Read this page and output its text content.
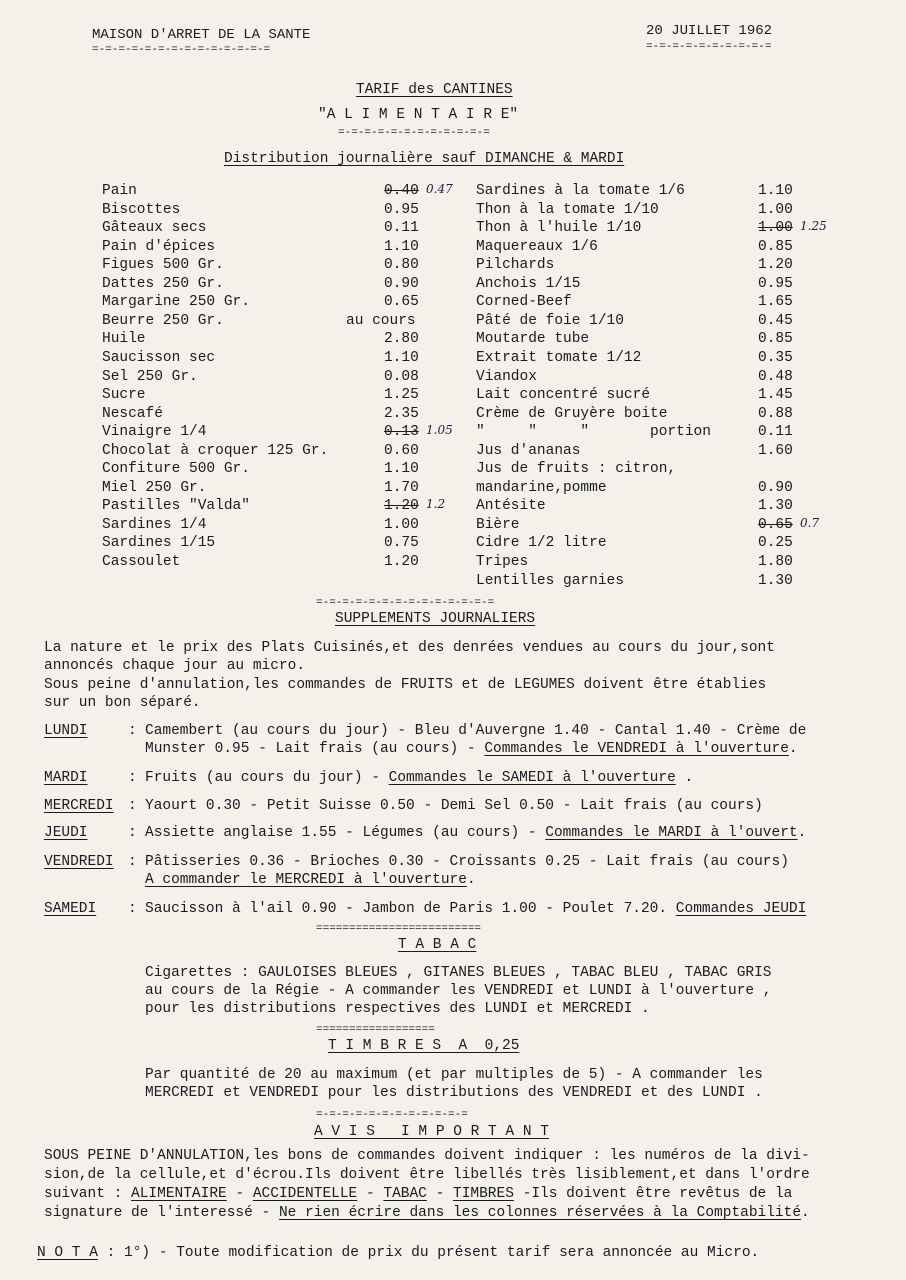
MAISON D'ARRET DE LA SANTE
=-=-=-=-=-=-=-=-=-=-=-=-=-=
20 JUILLET 1962
=-=-=-=-=-=-=-=-=-=
TARIF des CANTINES
"A L I M E N T A I R E"
=-=-=-=-=-=-=-=-=-=-=-=
Distribution journalière sauf DIMANCHE & MARDI
Pain	0.40 0.47
Biscottes	0.95
Gâteaux secs	0.11
Pain d'épices	1.10
Figues 500 Gr.	0.80
Dattes 250 Gr.	0.90
Margarine 250 Gr.	0.65
Beurre 250 Gr.	au cours
Huile	2.80
Saucisson sec	1.10
Sel 250 Gr.	0.08
Sucre	1.25
Nescafé	2.35
Vinaigre 1/4	0.13 1.05
Chocolat à croquer 125 Gr.	0.60
Confiture 500 Gr.	1.10
Miel 250 Gr.	1.70
Pastilles "Valda"	1.20 1.2
Sardines 1/4	1.00
Sardines 1/15	0.75
Cassoulet	1.20
Sardines à la tomate 1/6	1.10
Thon à la tomate 1/10	1.00
Thon à l'huile 1/10	1.00 1.25
Maquereaux 1/6	0.85
Pilchards	1.20
Anchois 1/15	0.95
Corned-Beef	1.65
Pâté de foie 1/10	0.45
Moutarde tube	0.85
Extrait tomate 1/12	0.35
Viandox	0.48
Lait concentré sucré	1.45
Crème de Gruyère boite	0.88
"     "     "       portion	0.11
Jus d'ananas	1.60
Jus de fruits : citron,
mandarine,pomme	0.90
Antésite	1.30
Bière	0.65 0.7
Cidre 1/2 litre	0.25
Tripes	1.80
Lentilles garnies	1.30
=-=-=-=-=-=-=-=-=-=-=-=-=-=
SUPPLEMENTS JOURNALIERS
La nature et le prix des Plats Cuisinés,et des denrées vendues au cours du jour,sont
annoncés chaque jour au micro.
Sous peine d'annulation,les commandes de FRUITS et de LEGUMES doivent être établies
sur un bon séparé.
LUNDI	: Camembert (au cours du jour) - Bleu d'Auvergne 1.40 - Cantal 1.40 - Crème de
Munster 0.95 - Lait frais (au cours) - Commandes le VENDREDI à l'ouverture.
MARDI	: Fruits (au cours du jour) - Commandes le SAMEDI à l'ouverture .
MERCREDI : Yaourt 0.30 - Petit Suisse 0.50 - Demi Sel 0.50 - Lait frais (au cours)
JEUDI	: Assiette anglaise 1.55 - Légumes (au cours) - Commandes le MARDI à l'ouvert.
VENDREDI : Pâtisseries 0.36 - Brioches 0.30 - Croissants 0.25 - Lait frais (au cours)
A commander le MERCREDI à l'ouverture.
SAMEDI : Saucisson à l'ail 0.90 - Jambon de Paris 1.00 - Poulet 7.20. Commandes JEUDI
=========================
T A B A C
Cigarettes : GAULOISES BLEUES , GITANES BLEUES , TABAC BLEU , TABAC GRIS
au cours de la Régie - A commander les VENDREDI et LUNDI à l'ouverture ,
pour les distributions respectives des LUNDI et MERCREDI .
==================
T I M B R E S  A  0,25
Par quantité de 20 au maximum (et par multiples de 5) - A commander les
MERCREDI et VENDREDI pour les distributions des VENDREDI et des LUNDI .
=-=-=-=-=-=-=-=-=-=-=-=
A V I S   I M P O R T A N T
SOUS PEINE D'ANNULATION,les bons de commandes doivent indiquer : les numéros de la divi-
sion,de la cellule,et d'écrou.Ils doivent être libellés très lisiblement,et dans l'ordre
suivant : ALIMENTAIRE - ACCIDENTELLE - TABAC - TIMBRES -Ils doivent être revêtus de la
signature de l'interessé - Ne rien écrire dans les colonnes réservées à la Comptabilité.
N O T A : 1°) - Toute modification de prix du présent tarif sera annoncée au Micro.
